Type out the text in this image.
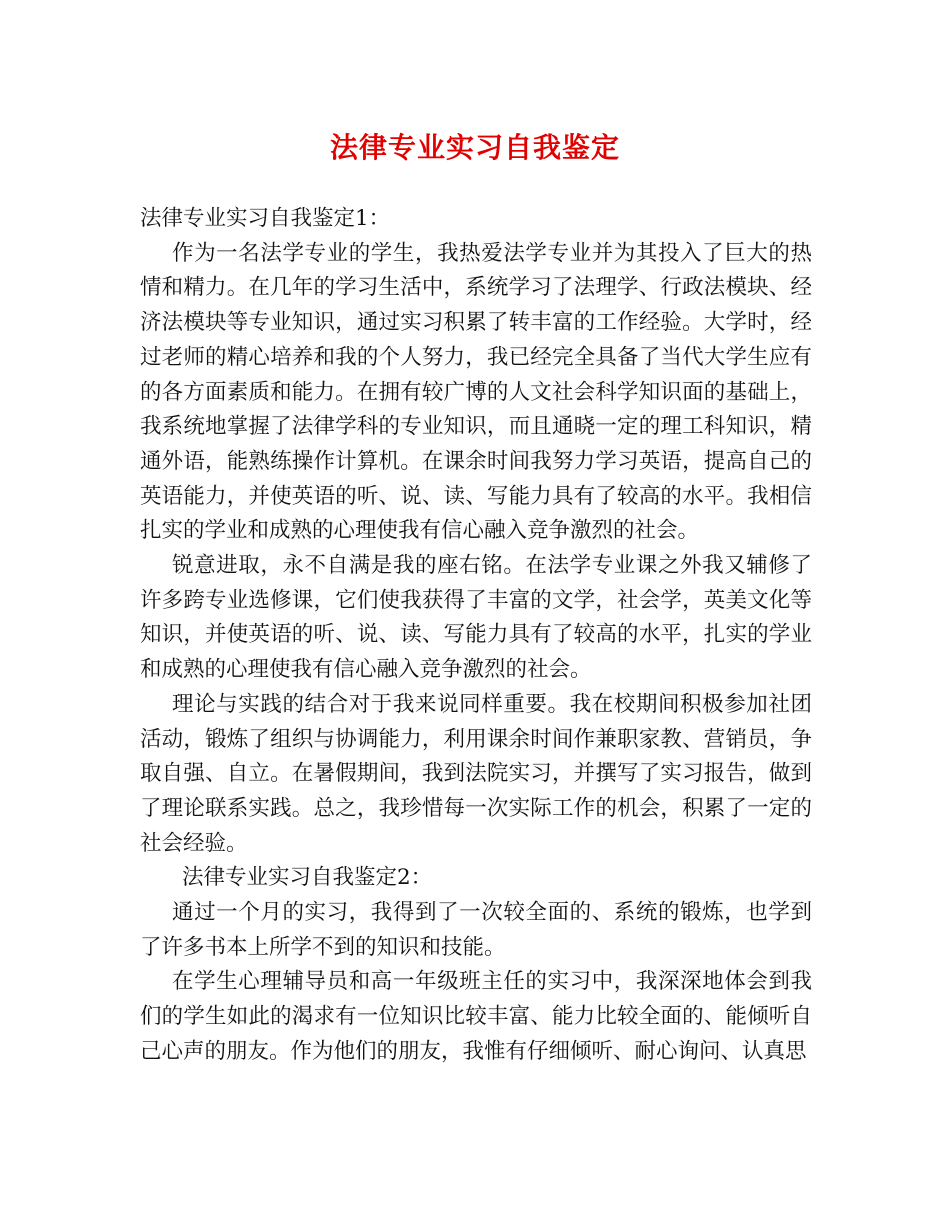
法律专业实习自我鉴定

法律专业实习自我鉴定1：

作为一名法学专业的学生，我热爱法学专业并为其投入了巨大的热情和精力。在几年的学习生活中，系统学习了法理学、行政法模块、经济法模块等专业知识，通过实习积累了转丰富的工作经验。大学时，经过老师的精心培养和我的个人努力，我已经完全具备了当代大学生应有的各方面素质和能力。在拥有较广博的人文社会科学知识面的基础上，我系统地掌握了法律学科的专业知识，而且通晓一定的理工科知识，精通外语，能熟练操作计算机。在课余时间我努力学习英语，提高自己的英语能力，并使英语的听、说、读、写能力具有了较高的水平。我相信扎实的学业和成熟的心理使我有信心融入竞争激烈的社会。

锐意进取，永不自满是我的座右铭。在法学专业课之外我又辅修了许多跨专业选修课，它们使我获得了丰富的文学，社会学，英美文化等知识，并使英语的听、说、读、写能力具有了较高的水平，扎实的学业和成熟的心理使我有信心融入竞争激烈的社会。

理论与实践的结合对于我来说同样重要。我在校期间积极参加社团活动，锻炼了组织与协调能力，利用课余时间作兼职家教、营销员，争取自强、自立。在暑假期间，我到法院实习，并撰写了实习报告，做到了理论联系实践。总之，我珍惜每一次实际工作的机会，积累了一定的社会经验。

法律专业实习自我鉴定2：

通过一个月的实习，我得到了一次较全面的、系统的锻炼，也学到了许多书本上所学不到的知识和技能。

在学生心理辅导员和高一年级班主任的实习中，我深深地体会到我们的学生如此的渴求有一位知识比较丰富、能力比较全面的、能倾听自己心声的朋友。作为他们的朋友，我惟有仔细倾听、耐心询问、认真思
